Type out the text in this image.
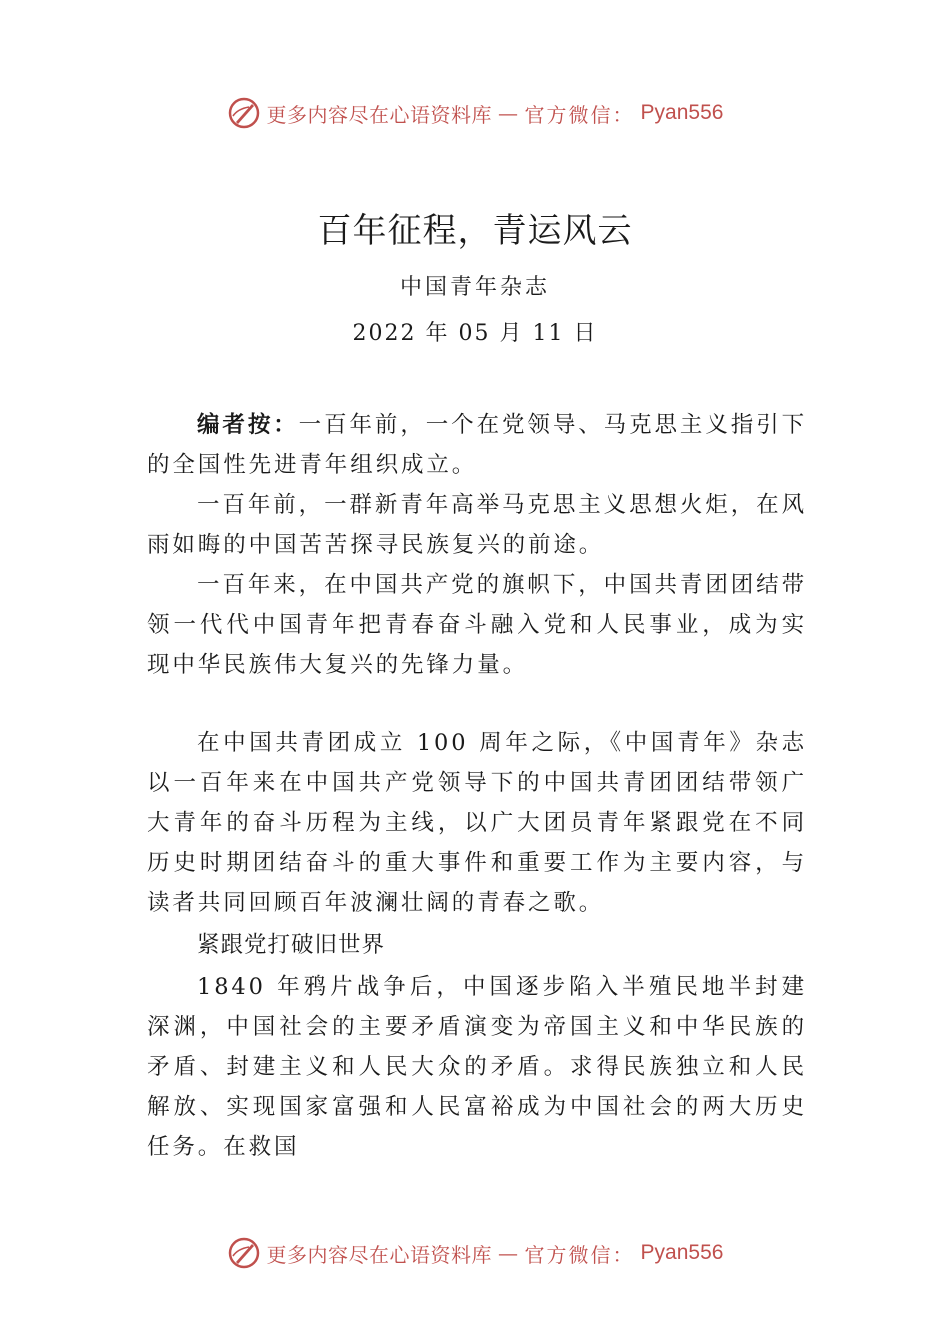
更多内容尽在心语资料库 — 官方微信： Pyan556
百年征程，青运风云
中国青年杂志
2022 年 05 月 11 日

编者按：一百年前，一个在党领导、马克思主义指引下的全国性先进青年组织成立。

一百年前，一群新青年高举马克思主义思想火炬，在风雨如晦的中国苦苦探寻民族复兴的前途。

一百年来，在中国共产党的旗帜下，中国共青团团结带领一代代中国青年把青春奋斗融入党和人民事业，成为实现中华民族伟大复兴的先锋力量。

在中国共青团成立 100 周年之际，《中国青年》杂志以一百年来在中国共产党领导下的中国共青团团结带领广大青年的奋斗历程为主线，以广大团员青年紧跟党在不同历史时期团结奋斗的重大事件和重要工作为主要内容，与读者共同回顾百年波澜壮阔的青春之歌。

紧跟党打破旧世界

1840 年鸦片战争后，中国逐步陷入半殖民地半封建深渊，中国社会的主要矛盾演变为帝国主义和中华民族的矛盾、封建主义和人民大众的矛盾。求得民族独立和人民解放、实现国家富强和人民富裕成为中国社会的两大历史任务。在救国

更多内容尽在心语资料库 — 官方微信： Pyan556
